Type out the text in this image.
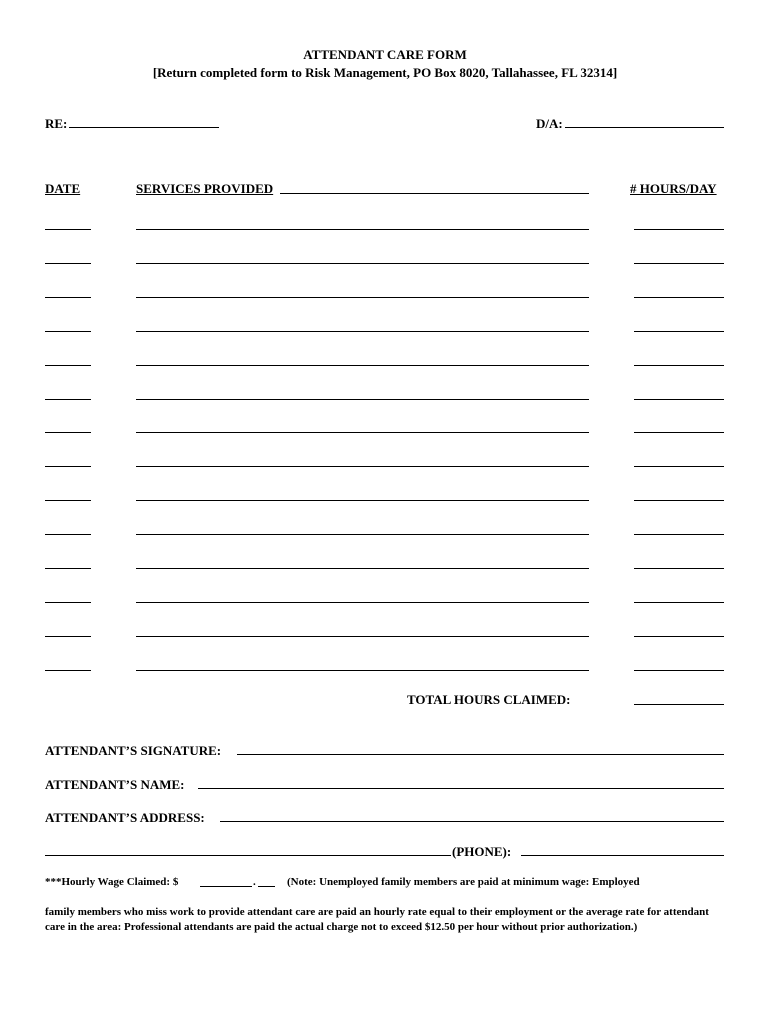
ATTENDANT CARE FORM
[Return completed form to Risk Management, PO Box 8020, Tallahassee, FL 32314]
RE:	D/A:
DATE	SERVICES PROVIDED	# HOURS/DAY
TOTAL HOURS CLAIMED:
ATTENDANT’S SIGNATURE:
ATTENDANT’S NAME:
ATTENDANT’S ADDRESS:
(PHONE):
***Hourly Wage Claimed: $	.	(Note: Unemployed family members are paid at minimum wage: Employed
family members who miss work to provide attendant care are paid an hourly rate equal to their employment or the average rate for attendant care in the area: Professional attendants are paid the actual charge not to exceed $12.50 per hour without prior authorization.)
